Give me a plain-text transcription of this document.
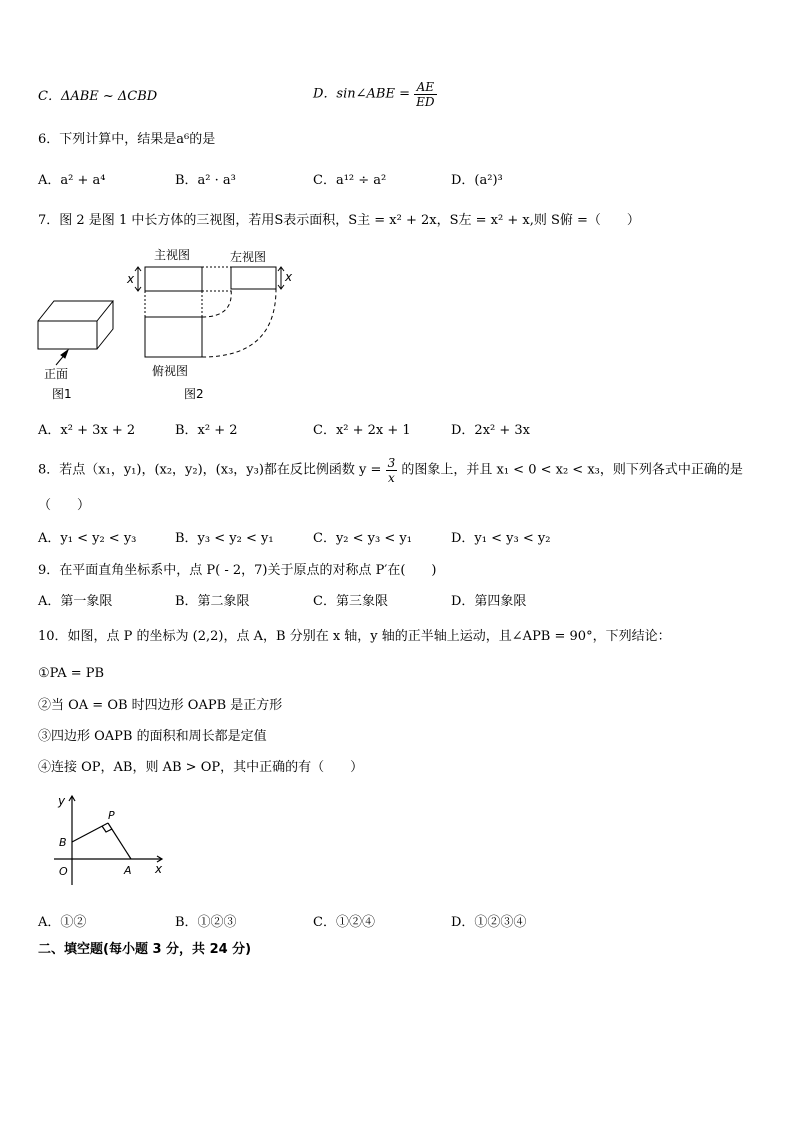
C．ΔABE ~ ΔCBD	D．sin∠ABE = $\frac{AE}{ED}$
6．下列计算中，结果是a⁶的是
A．a² + a⁴	B．a² · a³	C．a¹² ÷ a²	D．(a²)³
7．图 2 是图 1 中长方体的三视图，若用S表示面积，S主 = x² + 2x，S左 = x² + x,则 S俯 =（　　）
正面
图1
主视图	左视图
x	x
俯视图
图2
A．x² + 3x + 2	B．x² + 2	C．x² + 2x + 1	D．2x² + 3x
8．若点（x₁，y₁)，(x₂，y₂)，(x₃，y₃)都在反比例函数 $y = \frac{3}{x}$ 的图象上，并且 x₁ < 0 < x₂ < x₃，则下列各式中正确的是
（　　）
A．y₁ < y₂ < y₃	B．y₃ < y₂ < y₁	C．y₂ < y₃ < y₁	D．y₁ < y₃ < y₂
9．在平面直角坐标系中，点 P( - 2，7)关于原点的对称点 P′在(　　)
A．第一象限	B．第二象限	C．第三象限	D．第四象限
10．如图，点 P 的坐标为 (2,2)，点 A，B 分别在 x 轴，y 轴的正半轴上运动，且∠APB = 90°，下列结论：
①PA = PB
②当 OA = OB 时四边形 OAPB 是正方形
③四边形 OAPB 的面积和周长都是定值
④连接 OP，AB，则 AB > OP，其中正确的有（　　）
y
x
P
B
O	A
A．①②	B．①②③	C．①②④	D．①②③④
二、填空题(每小题 3 分，共 24 分)
